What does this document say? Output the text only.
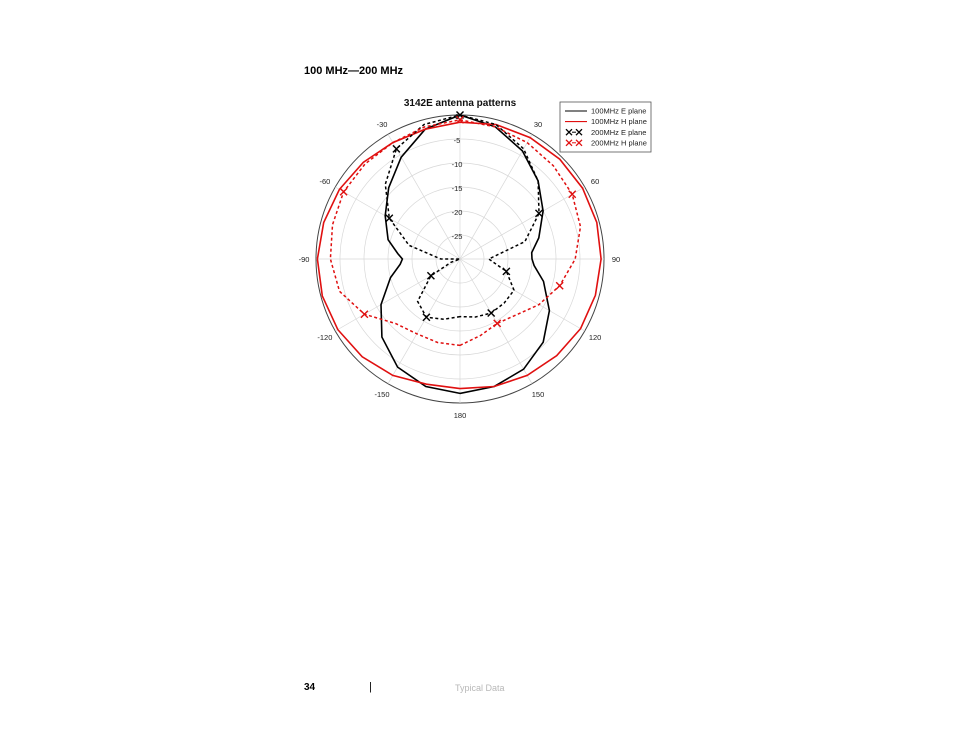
100 MHz—200 MHz
3142E antenna patterns
0
-5
-10
-15
-20
-25
30
60
90
120
150
180
-150
-120
-90
-60
-30
100MHz E plane
100MHz H plane
200MHz E plane
200MHz H plane
34	|	Typical Data
